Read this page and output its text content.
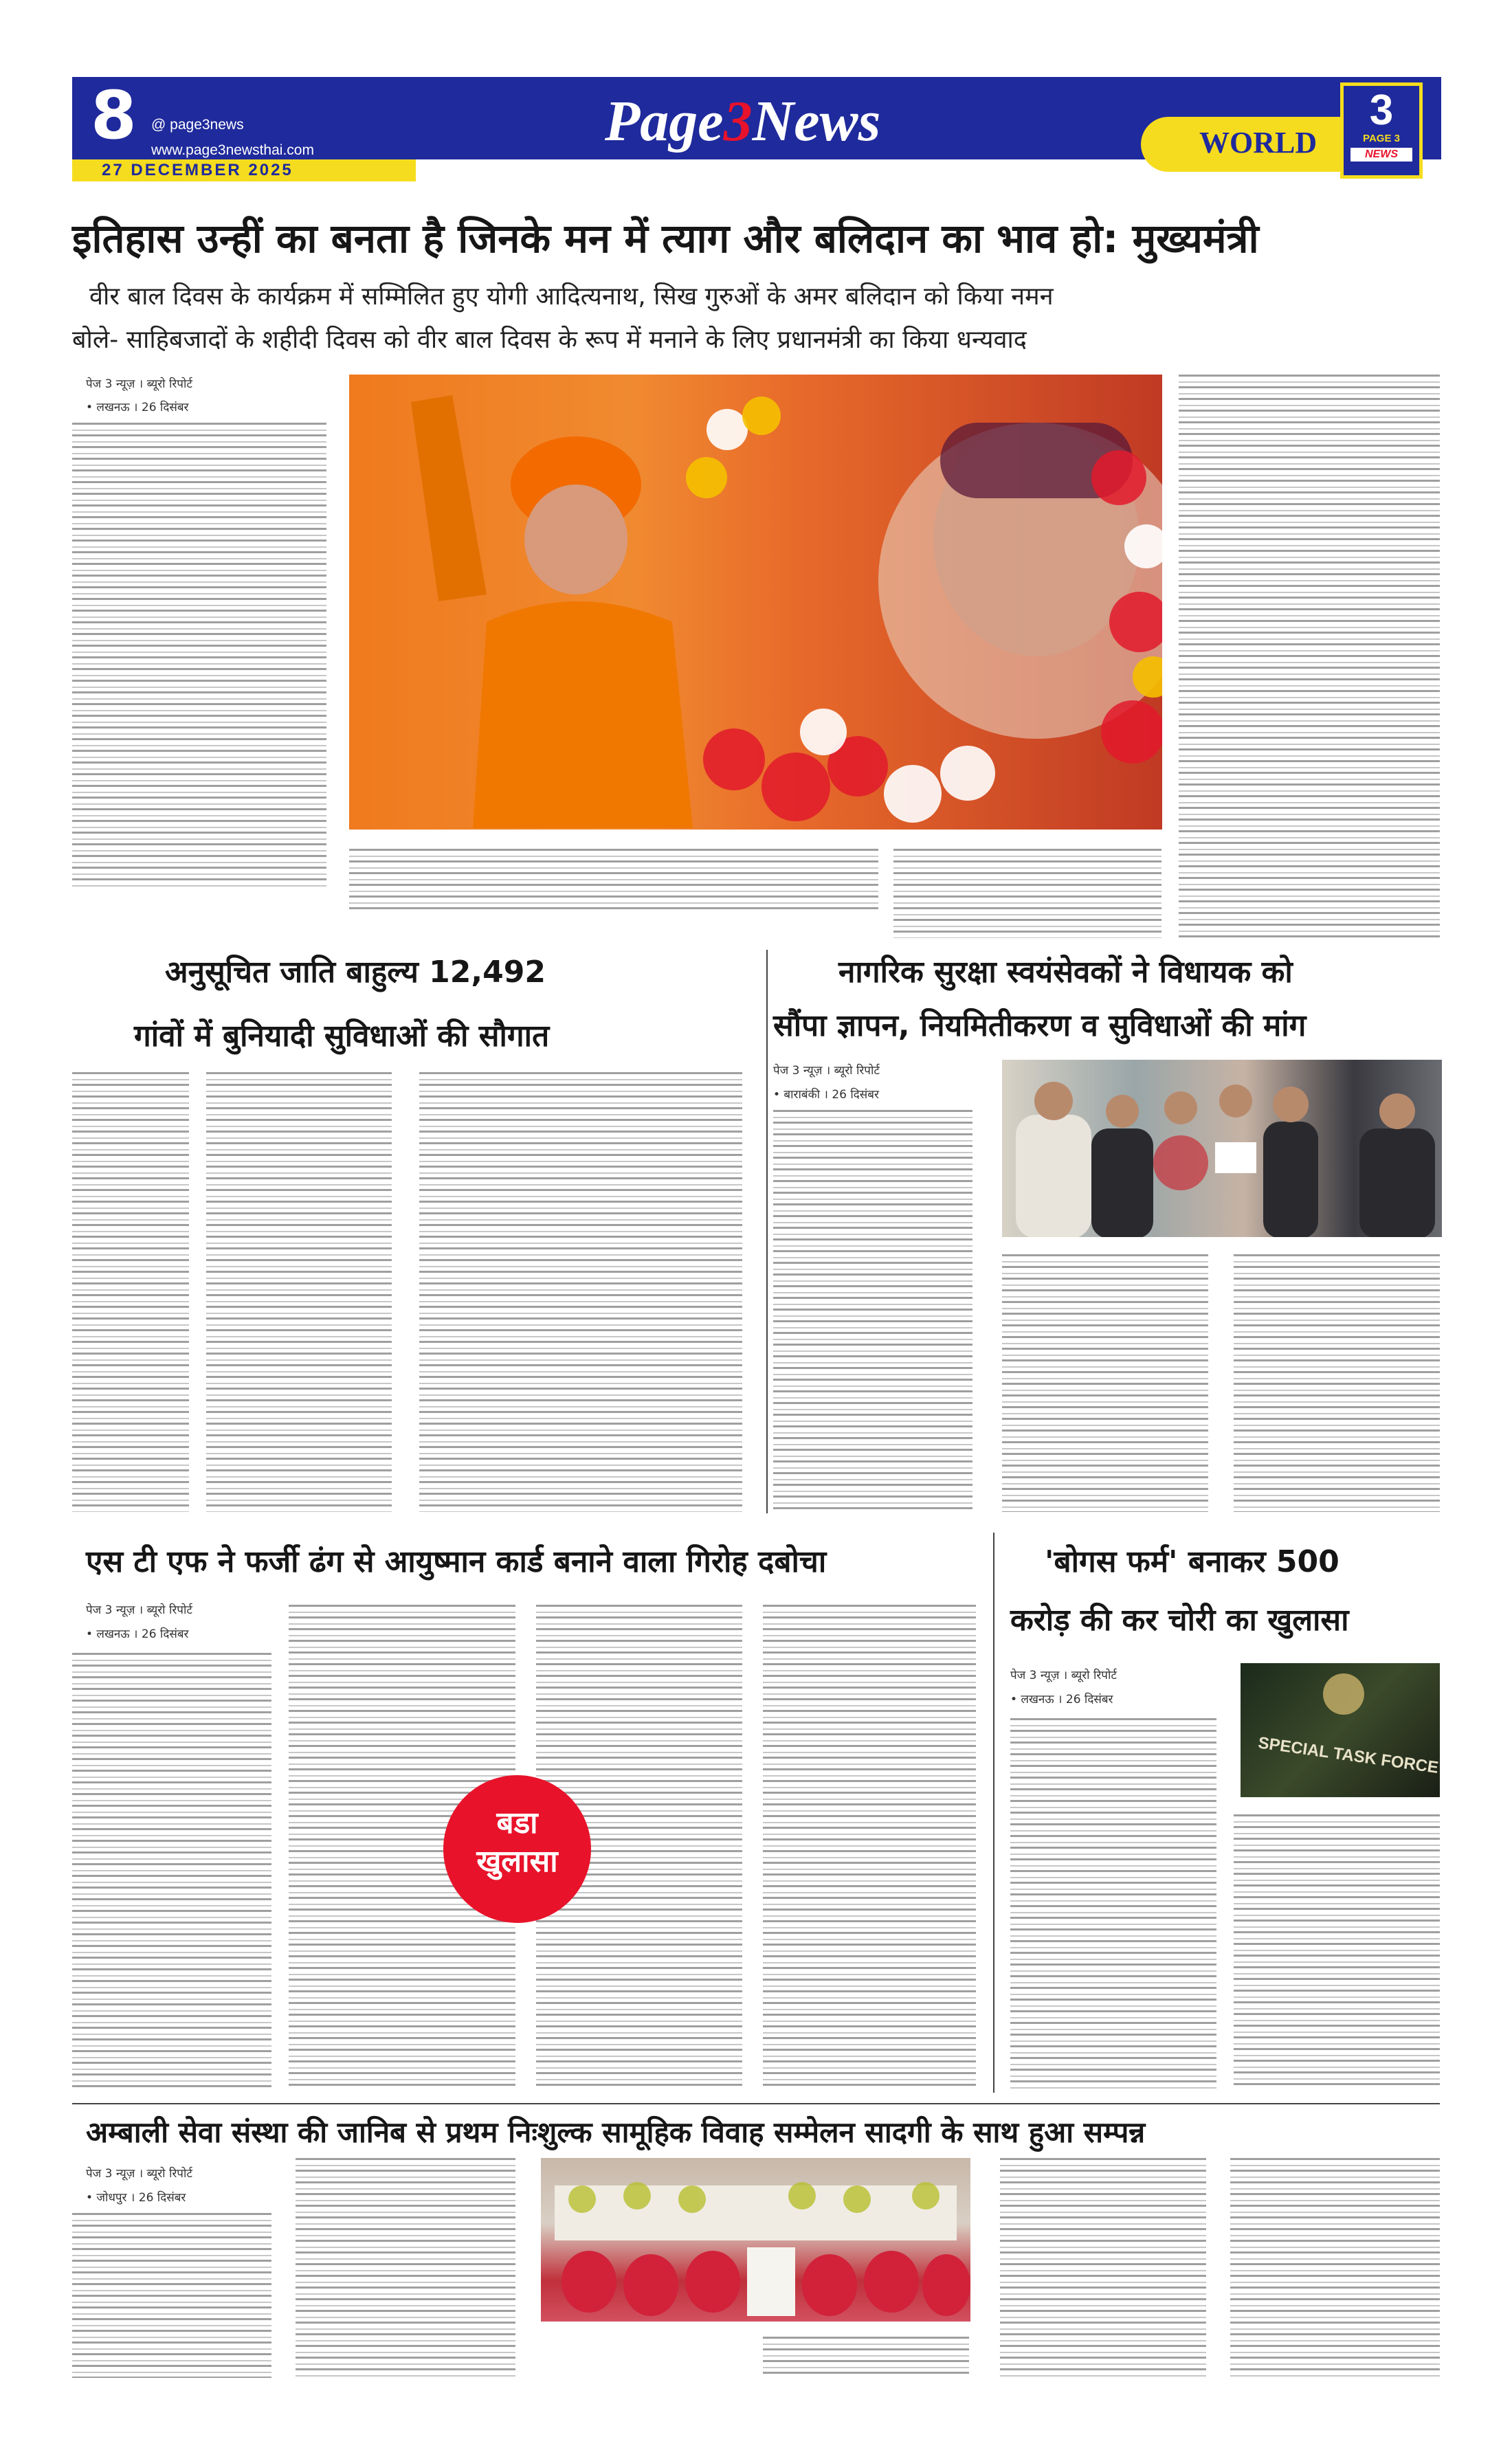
8 @ page3news
www.page3newsthai.com
27 DECEMBER 2025
Page3News	WORLD
3
PAGE 3
NEWS
इतिहास उन्हीं का बनता है जिनके मन में त्याग और बलिदान का भाव हो: मुख्यमंत्री
वीर बाल दिवस के कार्यक्रम में सम्मिलित हुए योगी आदित्यनाथ, सिख गुरुओं के अमर बलिदान को किया नमन
बोले- साहिबजादों के शहीदी दिवस को वीर बाल दिवस के रूप में मनाने के लिए प्रधानमंत्री का किया धन्यवाद
पेज 3 न्यूज़ । ब्यूरो रिपोर्ट
• लखनऊ । 26 दिसंबर
अनुसूचित जाति बाहुल्य 12,492
गांवों में बुनियादी सुविधाओं की सौगात
नागरिक सुरक्षा स्वयंसेवकों ने विधायक को
सौंपा ज्ञापन, नियमितीकरण व सुविधाओं की मांग
पेज 3 न्यूज़ । ब्यूरो रिपोर्ट
• बाराबंकी । 26 दिसंबर
एस टी एफ ने फर्जी ढंग से आयुष्मान कार्ड बनाने वाला गिरोह दबोचा
पेज 3 न्यूज़ । ब्यूरो रिपोर्ट
• लखनऊ । 26 दिसंबर
बडा
खुलासा
'बोगस फर्म' बनाकर 500
करोड़ की कर चोरी का खुलासा
पेज 3 न्यूज़ । ब्यूरो रिपोर्ट
• लखनऊ । 26 दिसंबर
SPECIAL TASK FORCE
अम्बाली सेवा संस्था की जानिब से प्रथम निःशुल्क सामूहिक विवाह सम्मेलन सादगी के साथ हुआ सम्पन्न
पेज 3 न्यूज़ । ब्यूरो रिपोर्ट
• जोधपुर । 26 दिसंबर
